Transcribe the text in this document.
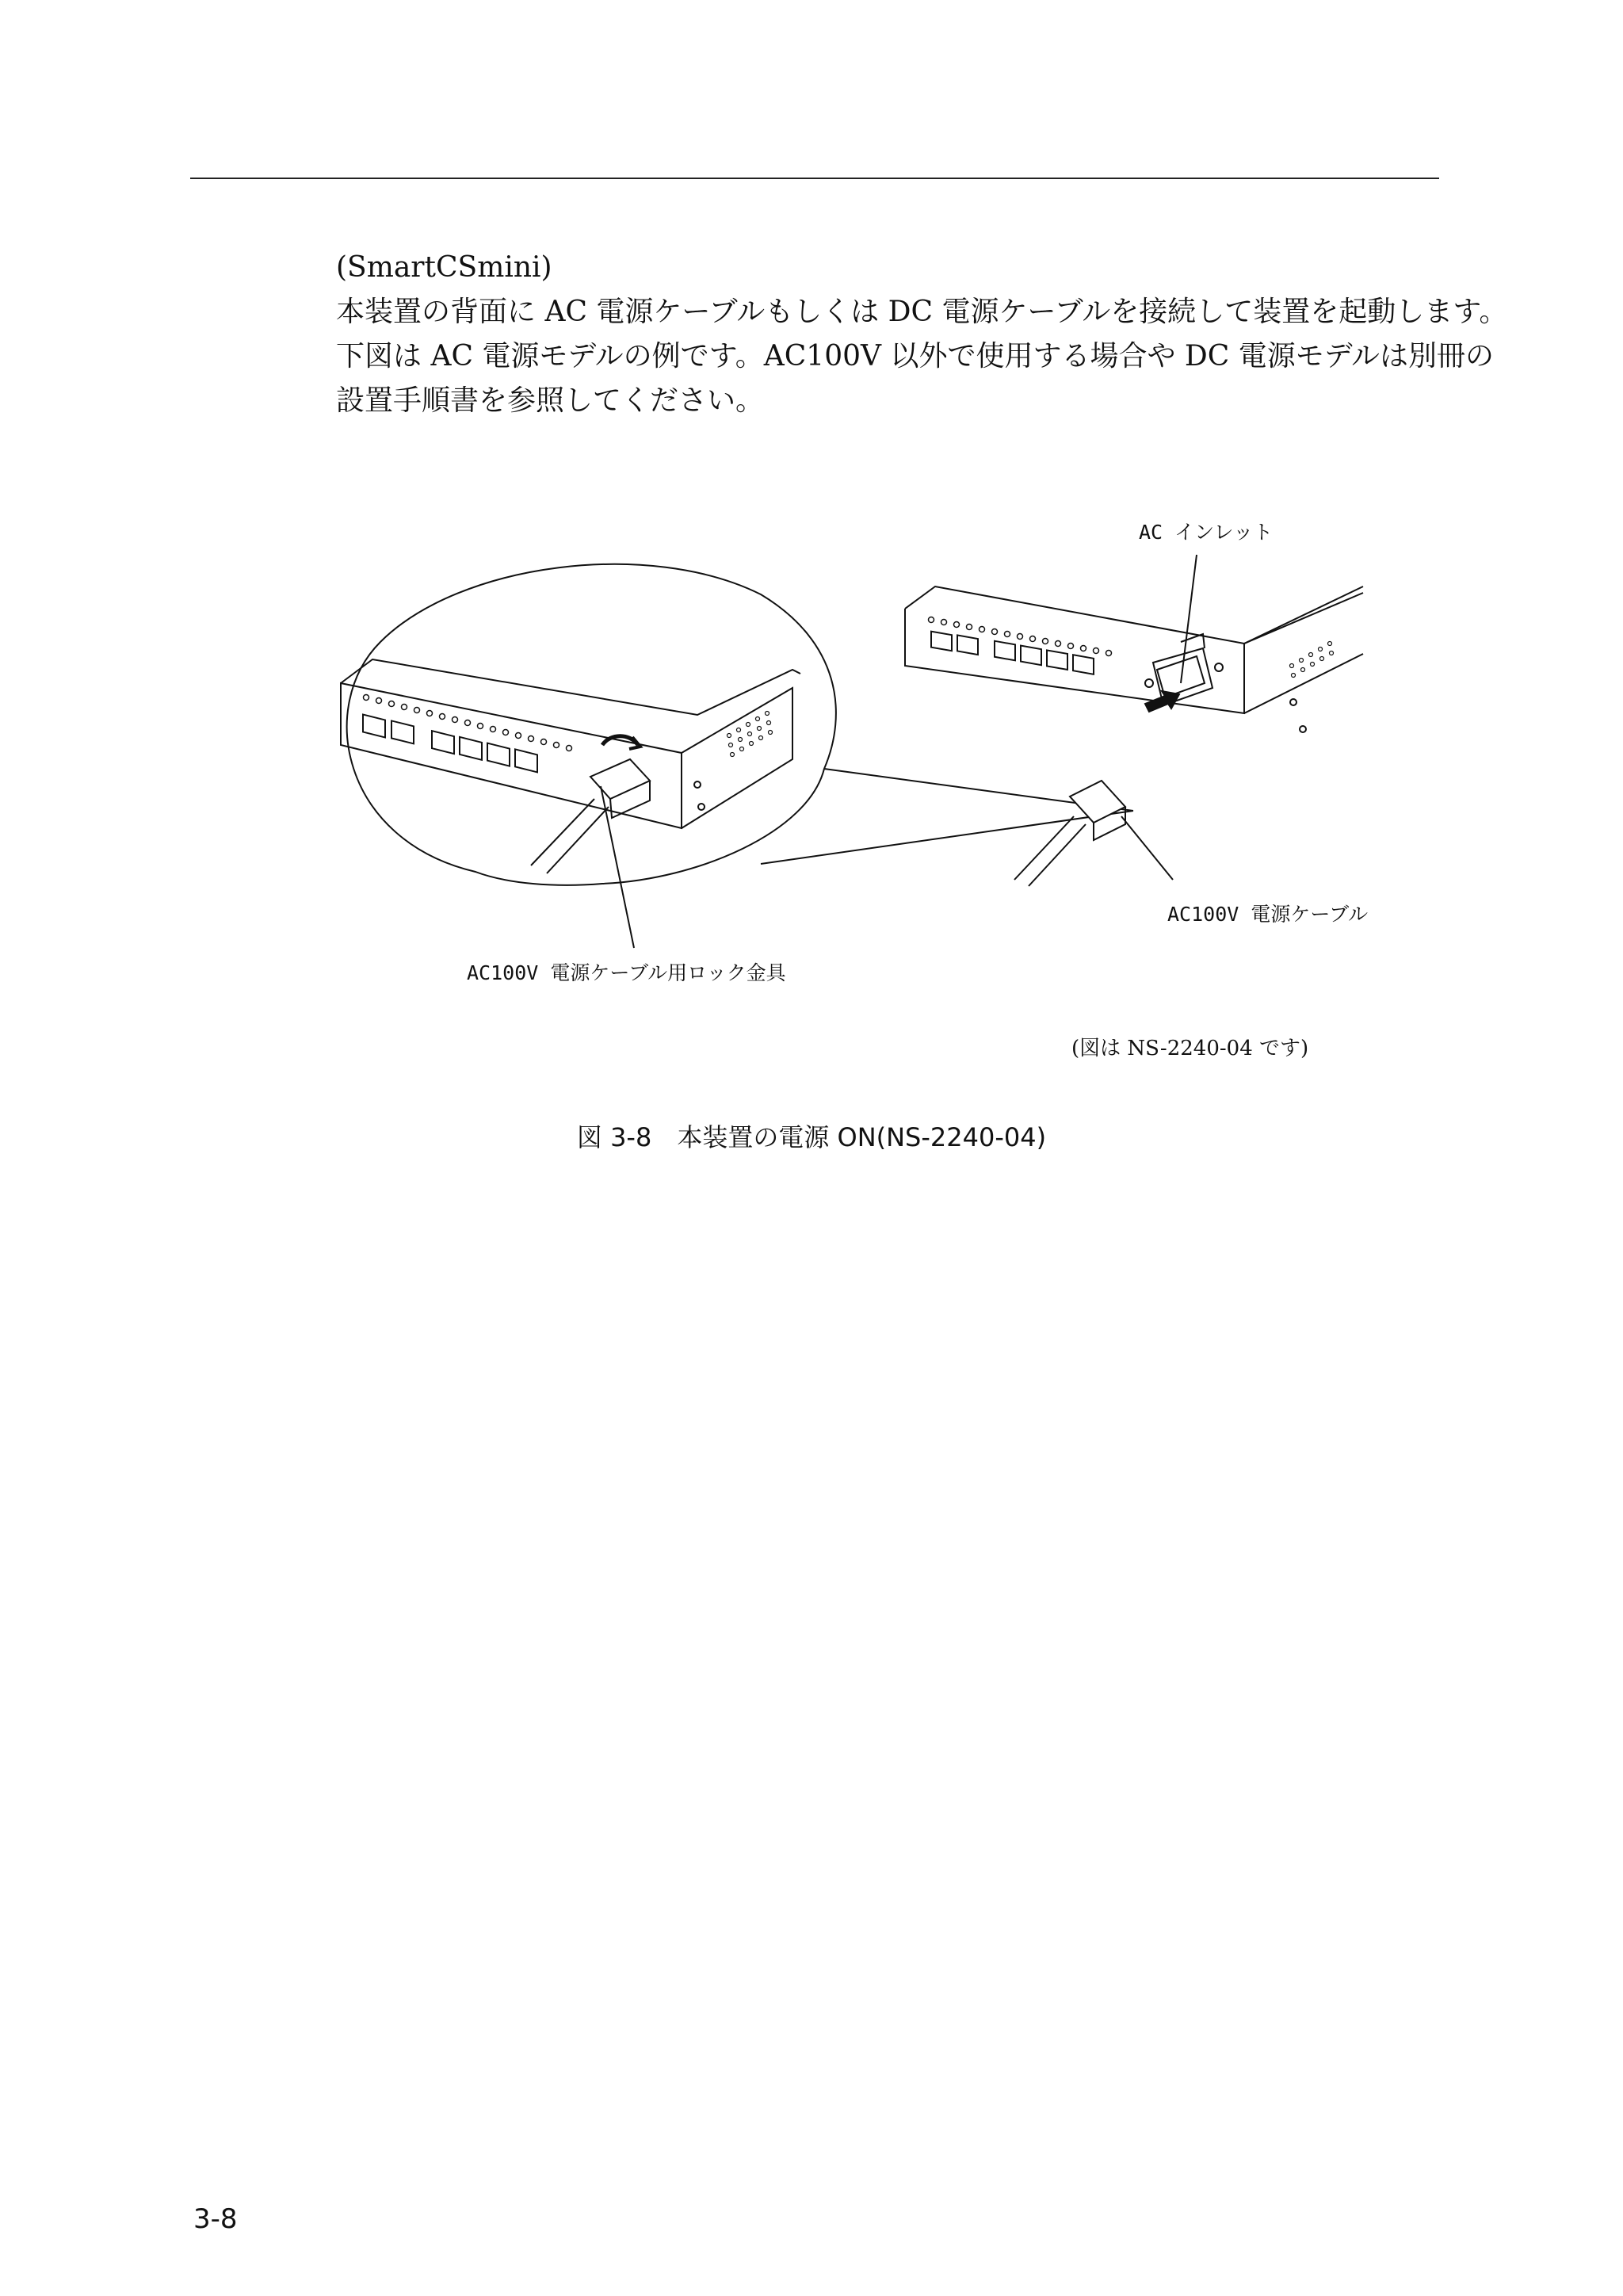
(SmartCSmini)

本装置の背面に AC 電源ケーブルもしくは DC 電源ケーブルを接続して装置を起動します。

下図は AC 電源モデルの例です。AC100V 以外で使用する場合や DC 電源モデルは別冊の

設置手順書を参照してください。

AC インレット
AC100V 電源ケーブル
AC100V 電源ケーブル用ロック金具
(図は NS-2240-04 です)
図 3-8　本装置の電源 ON(NS-2240-04)
3-8
